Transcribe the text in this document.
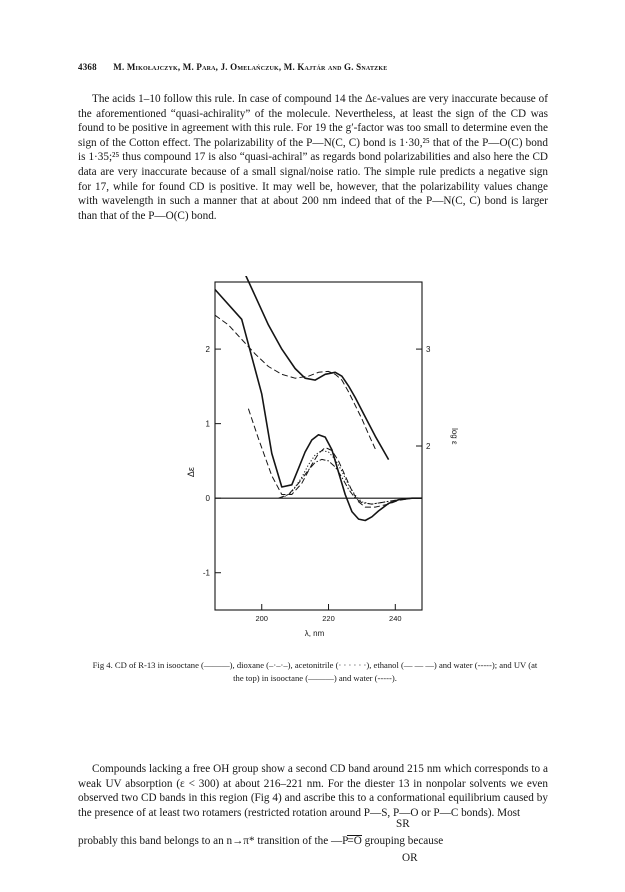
4368 M. Mikołajczyk, M. Para, J. Omelańczuk, M. Kajtár and G. Snatzke

The acids 1–10 follow this rule. In case of compound 14 the Δε-values are very inaccurate because of the aforementioned “quasi-achirality” of the molecule. Nevertheless, at least the sign of the CD was found to be positive in agreement with this rule. For 19 the g′-factor was too small to determine even the sign of the Cotton effect. The polarizability of the P—N(C, C) bond is 1·30,²⁵ that of the P—O(C) bond is 1·35;²⁵ thus compound 17 is also “quasi-achiral” as regards bond polarizabilities and also here the CD data are very inaccurate because of a small signal/noise ratio. The simple rule predicts a negative sign for 17, while for found CD is positive. It may well be, however, that the polarizability values change with wavelength in such a manner that at about 200 nm indeed that of the P—N(C, C) bond is larger than that of the P—O(C) bond.

2
1
0
-1
2
3
200	220	240
λ, nm
Δε
log ε
Fig 4. CD of R-13 in isooctane (———), dioxane (–·–·–), acetonitrile (· · · · · ·), ethanol (— — —) and water (-----); and UV (at the top) in isooctane (———) and water (-----).

Compounds lacking a free OH group show a second CD band around 215 nm which corresponds to a weak UV absorption (ε < 300) at about 216–221 nm. For the diester 13 in nonpolar solvents we even observed two CD bands in this region (Fig 4) and ascribe this to a conformational equilibrium caused by the presence of at least two rotamers (restricted rotation around P—S, P—O or P—C bonds). Most

SR
probably this band belongs to an n→π* transition of the —P=O grouping because
OR
